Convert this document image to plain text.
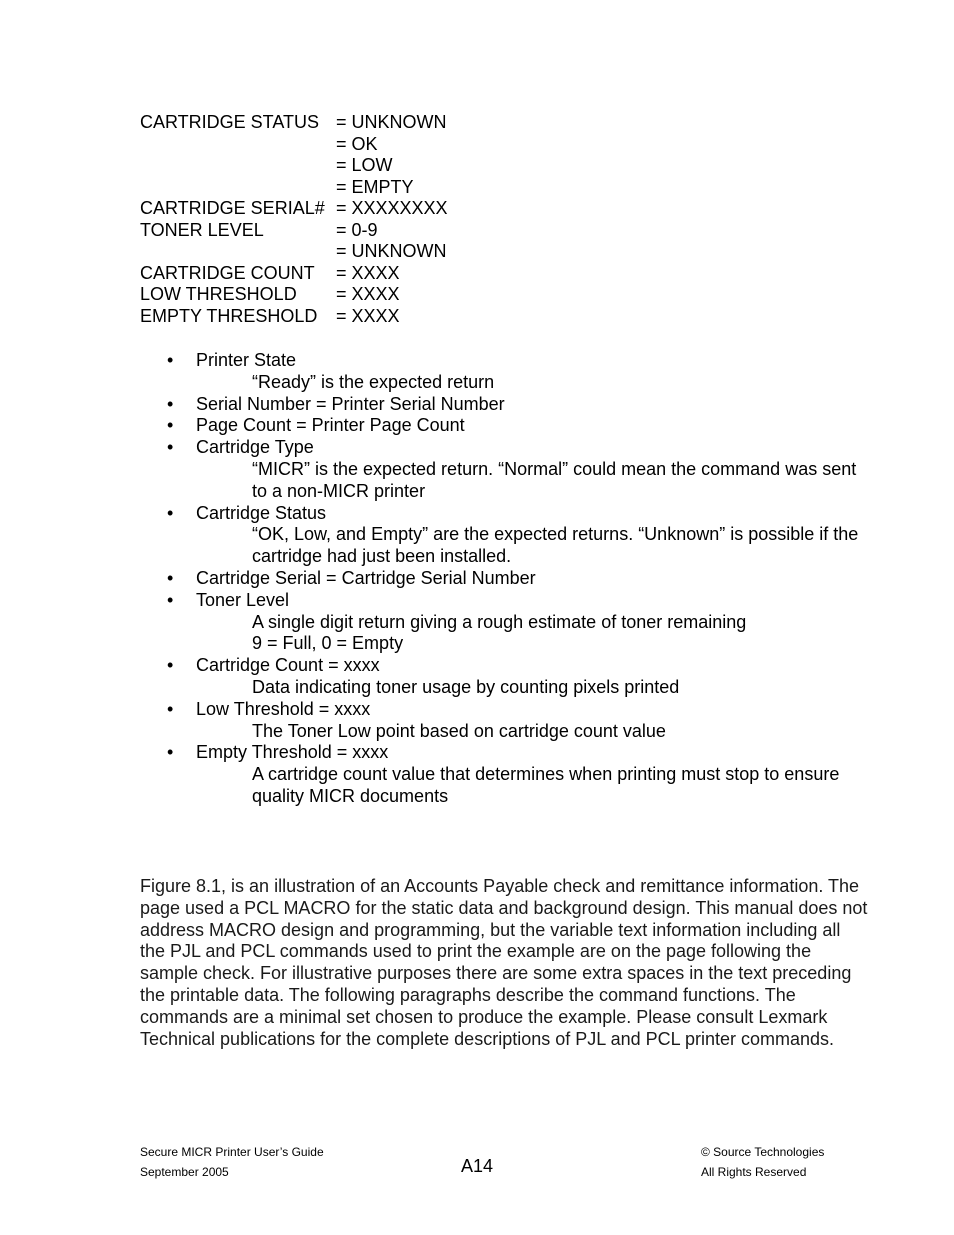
CARTRIDGE STATUS = UNKNOWN
= OK
= LOW
= EMPTY
CARTRIDGE SERIAL# = XXXXXXXX
TONER LEVEL	= 0-9
= UNKNOWN
CARTRIDGE COUNT	= XXXX
LOW THRESHOLD	= XXXX
EMPTY THRESHOLD	= XXXX
• Printer State
“Ready” is the expected return
• Serial Number = Printer Serial Number
• Page Count = Printer Page Count
• Cartridge Type
“MICR” is the expected return. “Normal” could mean the command was sent
to a non-MICR printer
• Cartridge Status
“OK, Low, and Empty” are the expected returns. “Unknown” is possible if the
cartridge had just been installed.
• Cartridge Serial = Cartridge Serial Number
• Toner Level
A single digit return giving a rough estimate of toner remaining
9 = Full, 0 = Empty
• Cartridge Count = xxxx
Data indicating toner usage by counting pixels printed
• Low Threshold = xxxx
The Toner Low point based on cartridge count value
• Empty Threshold = xxxx
A cartridge count value that determines when printing must stop to ensure
quality MICR documents
Figure 8.1, is an illustration of an Accounts Payable check and remittance information. The
page used a PCL MACRO for the static data and background design. This manual does not
address MACRO design and programming, but the variable text information including all
the PJL and PCL commands used to print the example are on the page following the
sample check. For illustrative purposes there are some extra spaces in the text preceding
the printable data. The following paragraphs describe the command functions. The
commands are a minimal set chosen to produce the example. Please consult Lexmark
Technical publications for the complete descriptions of PJL and PCL printer commands.
Secure MICR Printer User’s Guide
September 2005	A14
© Source Technologies
All Rights Reserved
